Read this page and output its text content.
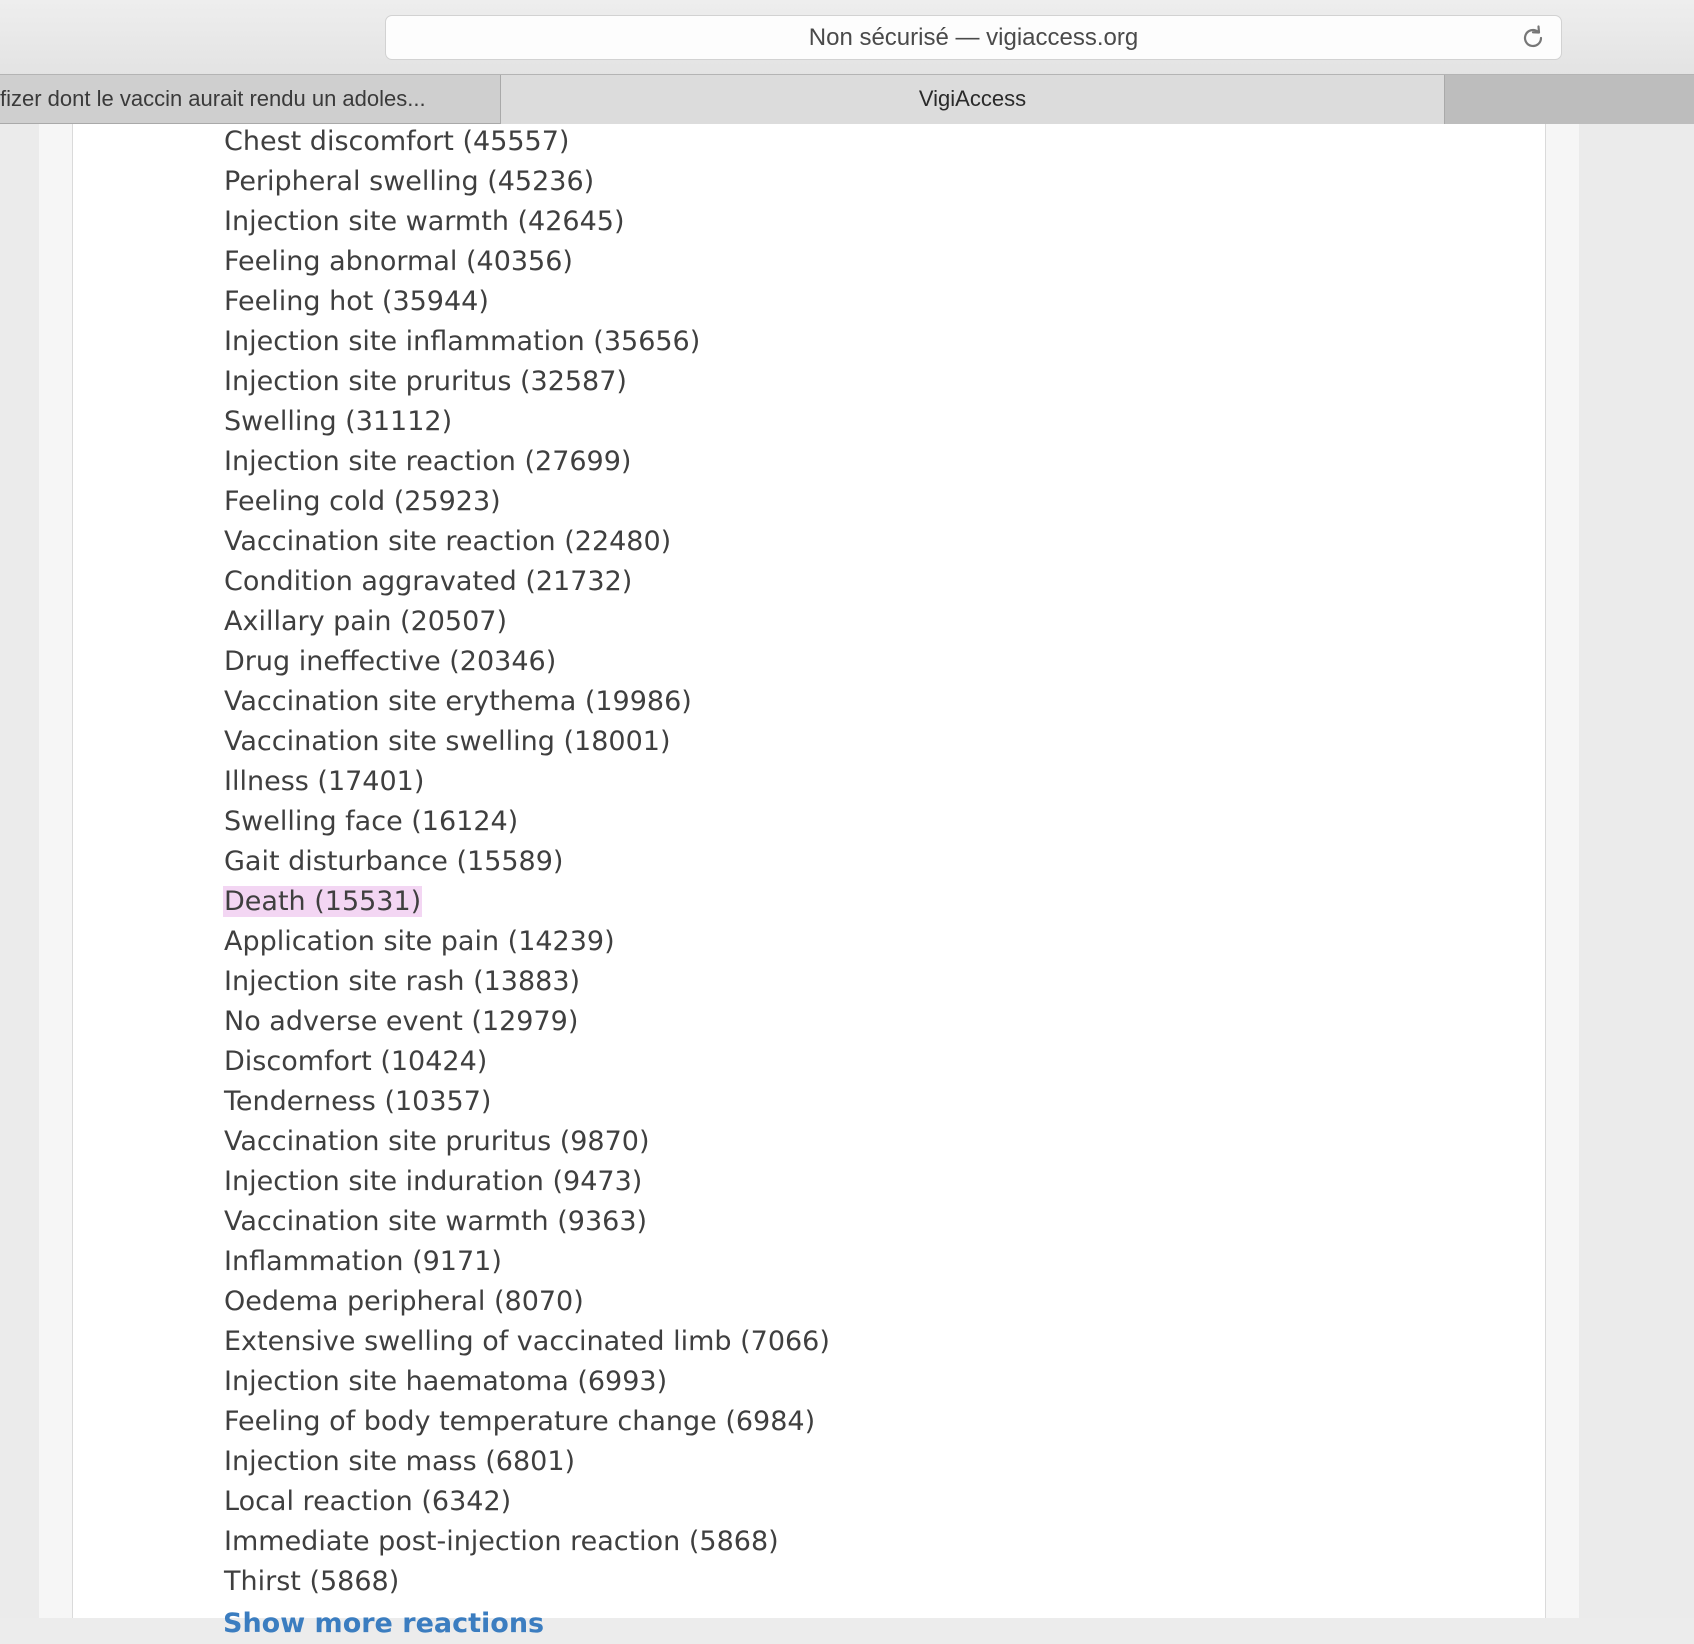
Non sécurisé — vigiaccess.org
fizer dont le vaccin aurait rendu un adoles...	VigiAccess
Chest discomfort (45557)
Peripheral swelling (45236)
Injection site warmth (42645)
Feeling abnormal (40356)
Feeling hot (35944)
Injection site inflammation (35656)
Injection site pruritus (32587)
Swelling (31112)
Injection site reaction (27699)
Feeling cold (25923)
Vaccination site reaction (22480)
Condition aggravated (21732)
Axillary pain (20507)
Drug ineffective (20346)
Vaccination site erythema (19986)
Vaccination site swelling (18001)
Illness (17401)
Swelling face (16124)
Gait disturbance (15589)
Death (15531)
Application site pain (14239)
Injection site rash (13883)
No adverse event (12979)
Discomfort (10424)
Tenderness (10357)
Vaccination site pruritus (9870)
Injection site induration (9473)
Vaccination site warmth (9363)
Inflammation (9171)
Oedema peripheral (8070)
Extensive swelling of vaccinated limb (7066)
Injection site haematoma (6993)
Feeling of body temperature change (6984)
Injection site mass (6801)
Local reaction (6342)
Immediate post-injection reaction (5868)
Thirst (5868)
Show more reactions
